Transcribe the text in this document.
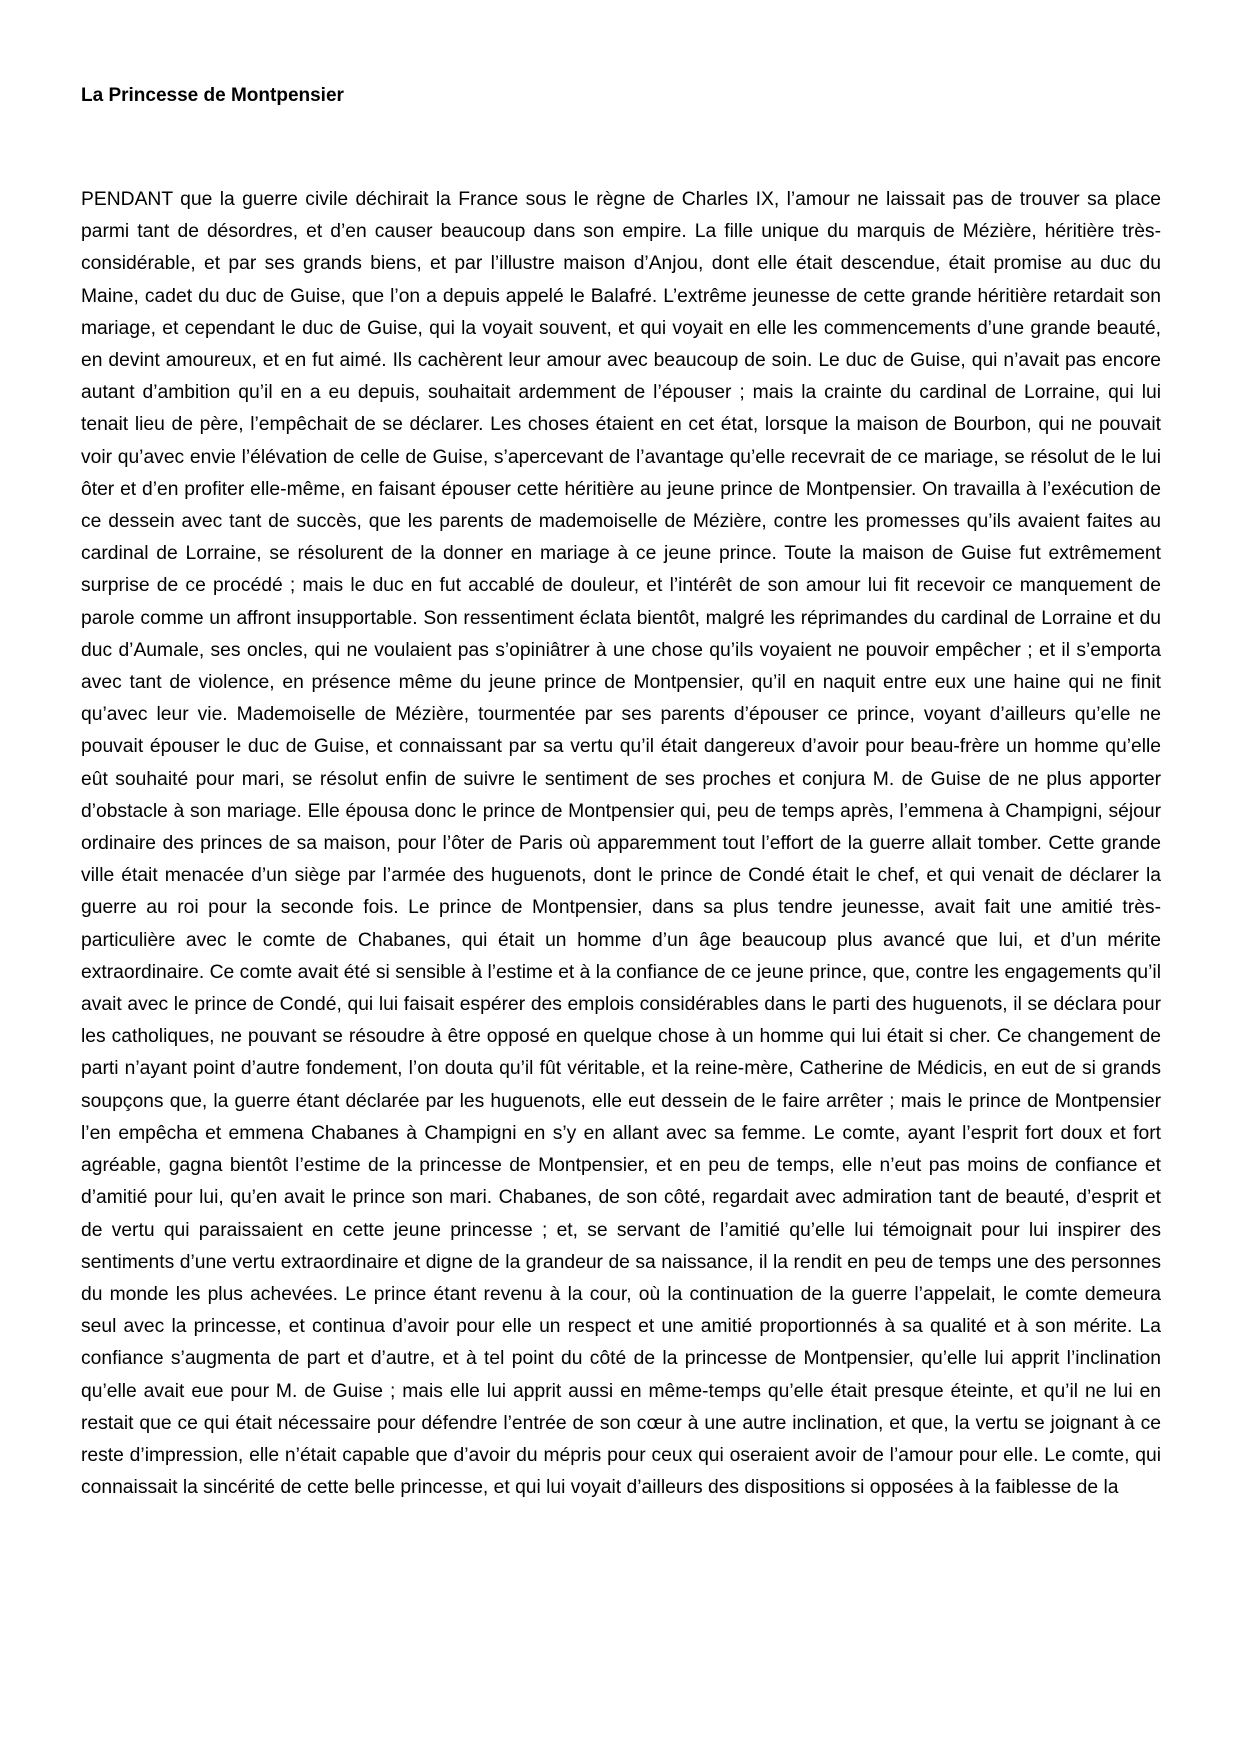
La Princesse de Montpensier

PENDANT que la guerre civile déchirait la France sous le règne de Charles IX, l’amour ne laissait pas de trouver sa place parmi tant de désordres, et d’en causer beaucoup dans son empire. La fille unique du marquis de Mézière, héritière très-considérable, et par ses grands biens, et par l’illustre maison d’Anjou, dont elle était descendue, était promise au duc du Maine, cadet du duc de Guise, que l’on a depuis appelé le Balafré. L’extrême jeunesse de cette grande héritière retardait son mariage, et cependant le duc de Guise, qui la voyait souvent, et qui voyait en elle les commencements d’une grande beauté, en devint amoureux, et en fut aimé. Ils cachèrent leur amour avec beaucoup de soin. Le duc de Guise, qui n’avait pas encore autant d’ambition qu’il en a eu depuis, souhaitait ardemment de l’épouser ; mais la crainte du cardinal de Lorraine, qui lui tenait lieu de père, l’empêchait de se déclarer. Les choses étaient en cet état, lorsque la maison de Bourbon, qui ne pouvait voir qu’avec envie l’élévation de celle de Guise, s’apercevant de l’avantage qu’elle recevrait de ce mariage, se résolut de le lui ôter et d’en profiter elle-même, en faisant épouser cette héritière au jeune prince de Montpensier. On travailla à l’exécution de ce dessein avec tant de succès, que les parents de mademoiselle de Mézière, contre les promesses qu’ils avaient faites au cardinal de Lorraine, se résolurent de la donner en mariage à ce jeune prince. Toute la maison de Guise fut extrêmement surprise de ce procédé ; mais le duc en fut accablé de douleur, et l’intérêt de son amour lui fit recevoir ce manquement de parole comme un affront insupportable. Son ressentiment éclata bientôt, malgré les réprimandes du cardinal de Lorraine et du duc d’Aumale, ses oncles, qui ne voulaient pas s’opiniâtrer à une chose qu’ils voyaient ne pouvoir empêcher ; et il s’emporta avec tant de violence, en présence même du jeune prince de Montpensier, qu’il en naquit entre eux une haine qui ne finit qu’avec leur vie. Mademoiselle de Mézière, tourmentée par ses parents d’épouser ce prince, voyant d’ailleurs qu’elle ne pouvait épouser le duc de Guise, et connaissant par sa vertu qu’il était dangereux d’avoir pour beau-frère un homme qu’elle eût souhaité pour mari, se résolut enfin de suivre le sentiment de ses proches et conjura M. de Guise de ne plus apporter d’obstacle à son mariage. Elle épousa donc le prince de Montpensier qui, peu de temps après, l’emmena à Champigni, séjour ordinaire des princes de sa maison, pour l’ôter de Paris où apparemment tout l’effort de la guerre allait tomber. Cette grande ville était menacée d’un siège par l’armée des huguenots, dont le prince de Condé était le chef, et qui venait de déclarer la guerre au roi pour la seconde fois. Le prince de Montpensier, dans sa plus tendre jeunesse, avait fait une amitié très-particulière avec le comte de Chabanes, qui était un homme d’un âge beaucoup plus avancé que lui, et d’un mérite extraordinaire. Ce comte avait été si sensible à l’estime et à la confiance de ce jeune prince, que, contre les engagements qu’il avait avec le prince de Condé, qui lui faisait espérer des emplois considérables dans le parti des huguenots, il se déclara pour les catholiques, ne pouvant se résoudre à être opposé en quelque chose à un homme qui lui était si cher. Ce changement de parti n’ayant point d’autre fondement, l’on douta qu’il fût véritable, et la reine-mère, Catherine de Médicis, en eut de si grands soupçons que, la guerre étant déclarée par les huguenots, elle eut dessein de le faire arrêter ; mais le prince de Montpensier l’en empêcha et emmena Chabanes à Champigni en s’y en allant avec sa femme. Le comte, ayant l’esprit fort doux et fort agréable, gagna bientôt l’estime de la princesse de Montpensier, et en peu de temps, elle n’eut pas moins de confiance et d’amitié pour lui, qu’en avait le prince son mari. Chabanes, de son côté, regardait avec admiration tant de beauté, d’esprit et de vertu qui paraissaient en cette jeune princesse ; et, se servant de l’amitié qu’elle lui témoignait pour lui inspirer des sentiments d’une vertu extraordinaire et digne de la grandeur de sa naissance, il la rendit en peu de temps une des personnes du monde les plus achevées. Le prince étant revenu à la cour, où la continuation de la guerre l’appelait, le comte demeura seul avec la princesse, et continua d’avoir pour elle un respect et une amitié proportionnés à sa qualité et à son mérite. La confiance s’augmenta de part et d’autre, et à tel point du côté de la princesse de Montpensier, qu’elle lui apprit l’inclination qu’elle avait eue pour M. de Guise ; mais elle lui apprit aussi en même-temps qu’elle était presque éteinte, et qu’il ne lui en restait que ce qui était nécessaire pour défendre l’entrée de son cœur à une autre inclination, et que, la vertu se joignant à ce reste d’impression, elle n’était capable que d’avoir du mépris pour ceux qui oseraient avoir de l’amour pour elle. Le comte, qui connaissait la sincérité de cette belle princesse, et qui lui voyait d’ailleurs des dispositions si opposées à la faiblesse de la
